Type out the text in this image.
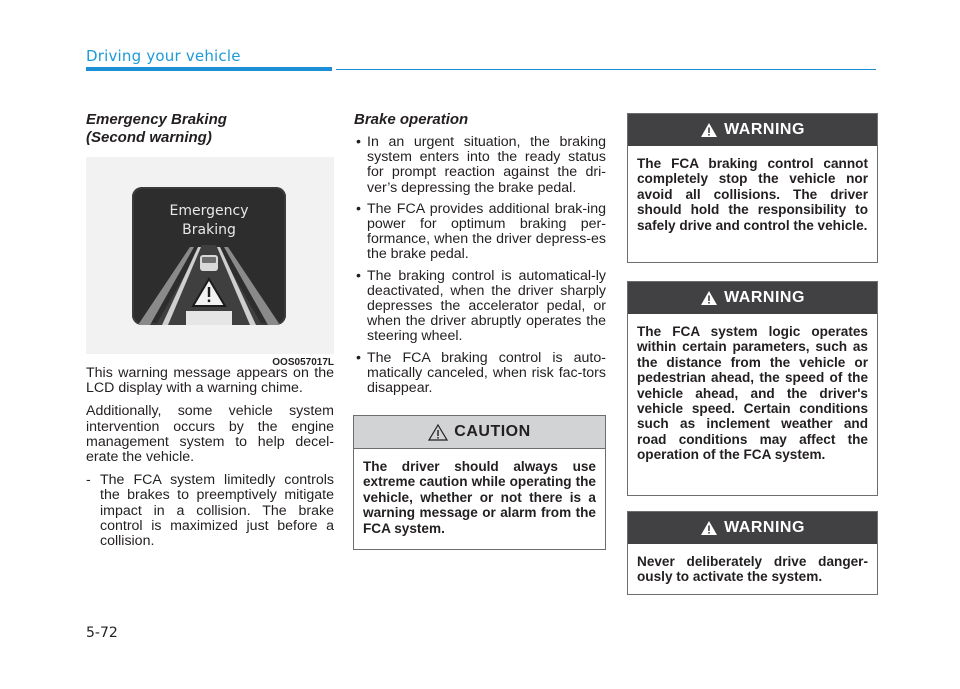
Driving your vehicle
Emergency Braking
(Second warning)
Emergency
Braking
OOS057017L

This warning message appears on the LCD display with a warning chime.

Additionally, some vehicle system intervention occurs by the engine management system to help decel-erate the vehicle.

- The FCA system limitedly controls the brakes to preemptively mitigate impact in a collision. The brake control is maximized just before a collision.

Brake operation
• In an urgent situation, the braking system enters into the ready status for prompt reaction against the dri-ver’s depressing the brake pedal.
• The FCA provides additional brak-ing power for optimum braking per-formance, when the driver depress-es the brake pedal.
• The braking control is automatical-ly deactivated, when the driver sharply depresses the accelerator pedal, or when the driver abruptly operates the steering wheel.
• The FCA braking control is auto-matically canceled, when risk fac-tors disappear.
CAUTION
The driver should always use extreme caution while operating the vehicle, whether or not there is a warning message or alarm from the FCA system.
WARNING
The FCA braking control cannot completely stop the vehicle nor avoid all collisions. The driver should hold the responsibility to safely drive and control the vehicle.
WARNING
The FCA system logic operates within certain parameters, such as the distance from the vehicle or pedestrian ahead, the speed of the vehicle ahead, and the driver's vehicle speed. Certain conditions such as inclement weather and road conditions may affect the operation of the FCA system.
WARNING
Never deliberately drive danger-ously to activate the system.
5-72
